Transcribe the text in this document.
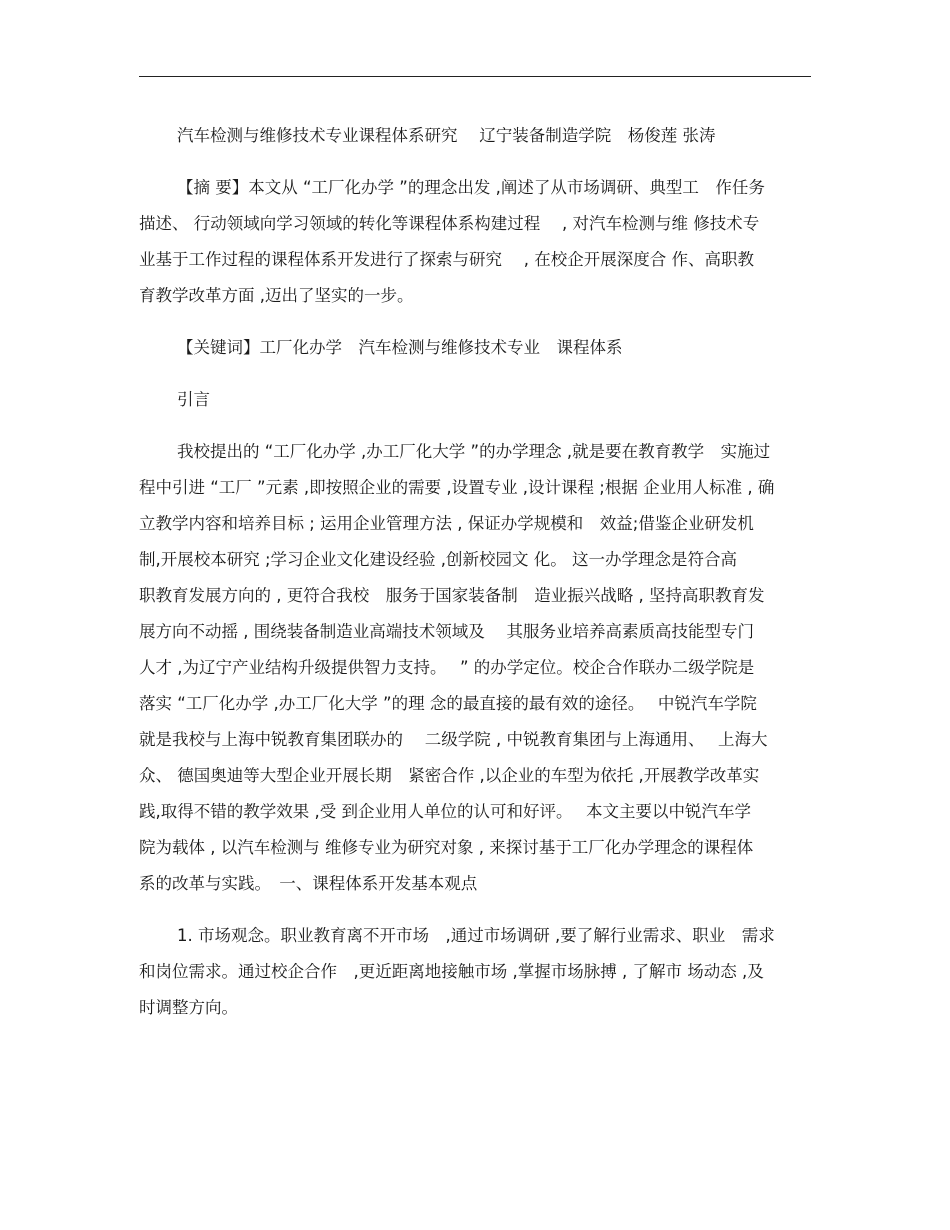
汽车检测与维修技术专业课程体系研究　 辽宁装备制造学院　杨俊莲 张涛
【摘 要】本文从 “工厂化办学 ”的理念出发 ,阐述了从市场调研、典型工　作任务
描述、 行动领域向学习领域的转化等课程体系构建过程　 , 对汽车检测与维 修技术专
业基于工作过程的课程体系开发进行了探索与研究　 , 在校企开展深度合 作、高职教
育教学改革方面 ,迈出了坚实的一步。
【关键词】工厂化办学　汽车检测与维修技术专业　课程体系
引言
我校提出的 “工厂化办学 ,办工厂化大学 ”的办学理念 ,就是要在教育教学　实施过
程中引进 “工厂 ”元素 ,即按照企业的需要 ,设置专业 ,设计课程 ;根据 企业用人标准 , 确
立教学内容和培养目标 ; 运用企业管理方法 , 保证办学规模和　效益;借鉴企业研发机
制,开展校本研究 ;学习企业文化建设经验 ,创新校园文 化。 这一办学理念是符合高
职教育发展方向的 , 更符合我校　服务于国家装备制　造业振兴战略 , 坚持高职教育发
展方向不动摇 , 围绕装备制造业高端技术领域及　 其服务业培养高素质高技能型专门
人才 ,为辽宁产业结构升级提供智力支持。　 ” 的办学定位。校企合作联办二级学院是
落实 “工厂化办学 ,办工厂化大学 ”的理 念的最直接的最有效的途径。　 中锐汽车学院
就是我校与上海中锐教育集团联办的　 二级学院 , 中锐教育集团与上海通用、　 上海大
众、 德国奥迪等大型企业开展长期　紧密合作 ,以企业的车型为依托 ,开展教学改革实
践,取得不错的教学效果 ,受 到企业用人单位的认可和好评。　 本文主要以中锐汽车学
院为载体 , 以汽车检测与 维修专业为研究对象 , 来探讨基于工厂化办学理念的课程体
系的改革与实践。　一、课程体系开发基本观点
1. 市场观念。职业教育离不开市场　,通过市场调研 ,要了解行业需求、职业　需求
和岗位需求。通过校企合作　,更近距离地接触市场 ,掌握市场脉搏 , 了解市 场动态 ,及
时调整方向。
